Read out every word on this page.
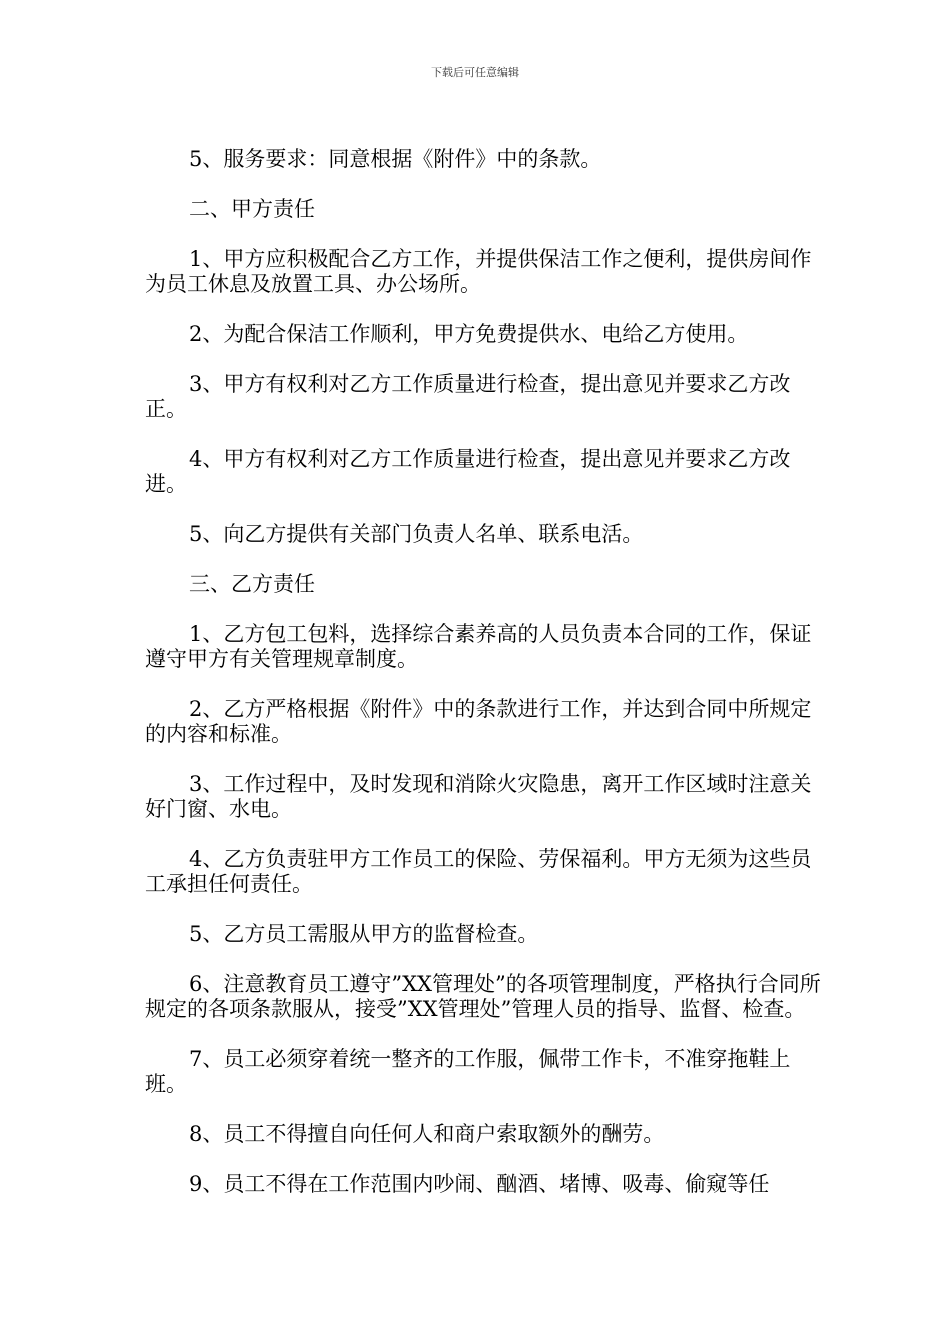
下载后可任意编辑

5、服务要求：同意根据《附件》中的条款。

二、甲方责任

1、甲方应积极配合乙方工作，并提供保洁工作之便利，提供房间作为员工休息及放置工具、办公场所。

2、为配合保洁工作顺利，甲方免费提供水、电给乙方使用。

3、甲方有权利对乙方工作质量进行检查，提出意见并要求乙方改正。

4、甲方有权利对乙方工作质量进行检查，提出意见并要求乙方改进。

5、向乙方提供有关部门负责人名单、联系电活。

三、乙方责任

1、乙方包工包料，选择综合素养高的人员负责本合同的工作，保证遵守甲方有关管理规章制度。

2、乙方严格根据《附件》中的条款进行工作，并达到合同中所规定的内容和标准。

3、工作过程中，及时发现和消除火灾隐患，离开工作区域时注意关好门窗、水电。

4、乙方负责驻甲方工作员工的保险、劳保福利。甲方无须为这些员工承担任何责任。

5、乙方员工需服从甲方的监督检查。

6、注意教育员工遵守”XX管理处”的各项管理制度，严格执行合同所规定的各项条款服从，接受”XX管理处”管理人员的指导、监督、检查。

7、员工必须穿着统一整齐的工作服，佩带工作卡，不准穿拖鞋上班。

8、员工不得擅自向任何人和商户索取额外的酬劳。

9、员工不得在工作范围内吵闹、酗酒、堵博、吸毒、偷窥等任
